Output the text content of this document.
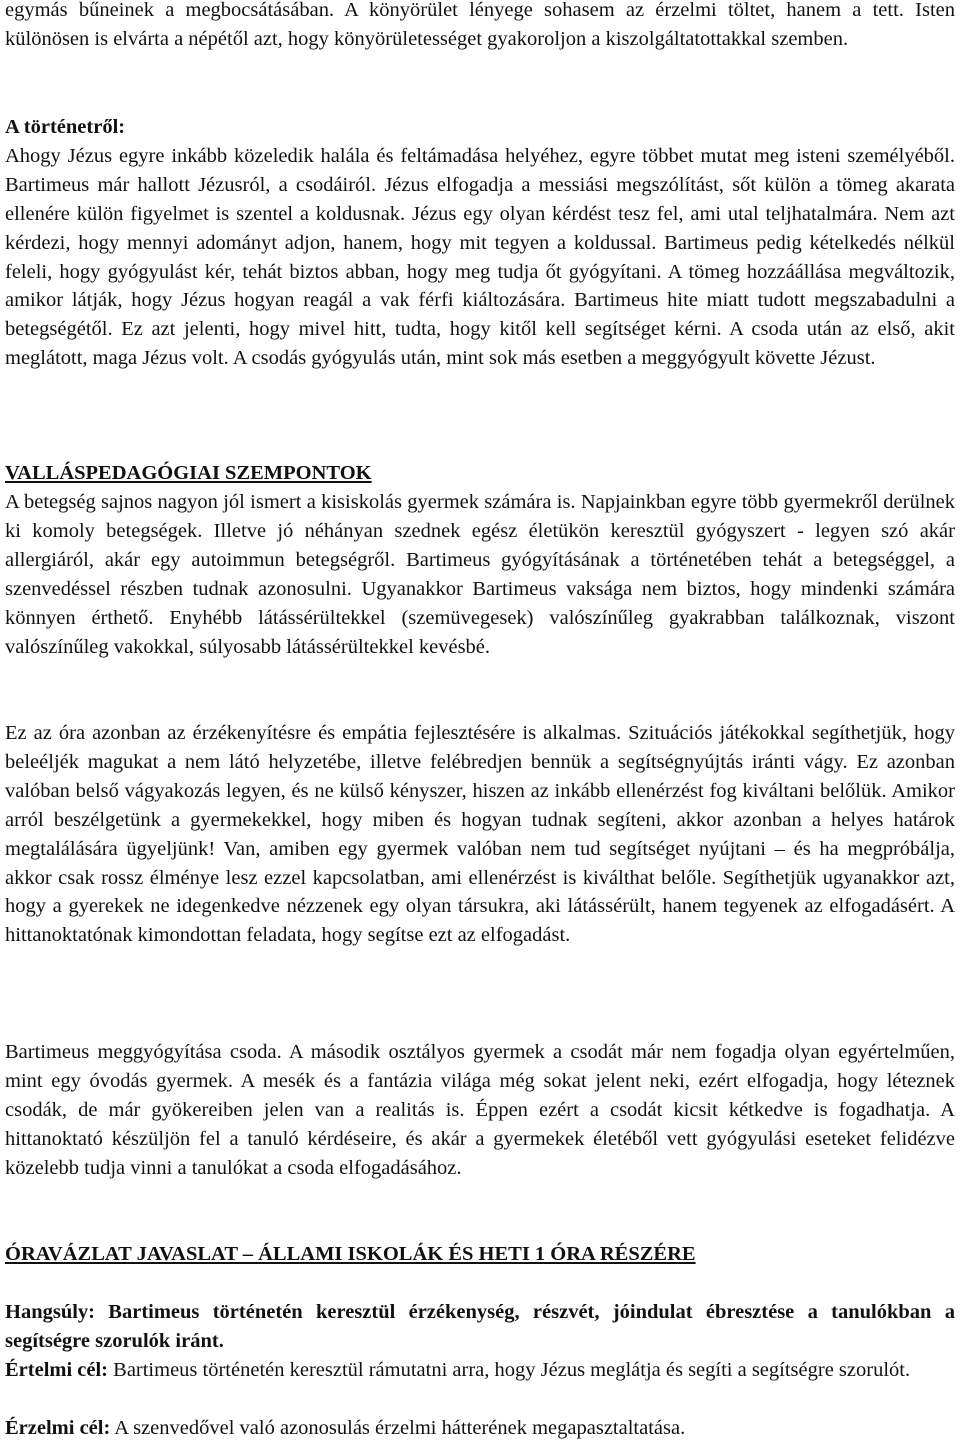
egymás bűneinek a megbocsátásában. A könyörület lényege sohasem az érzelmi töltet, hanem a tett. Isten különösen is elvárta a népétől azt, hogy könyörületességet gyakoroljon a kiszolgáltatottakkal szemben.

A történetről:
Ahogy Jézus egyre inkább közeledik halála és feltámadása helyéhez, egyre többet mutat meg isteni személyéből. Bartimeus már hallott Jézusról, a csodáiról. Jézus elfogadja a messiási megszólítást, sőt külön a tömeg akarata ellenére külön figyelmet is szentel a koldusnak. Jézus egy olyan kérdést tesz fel, ami utal teljhatalmára. Nem azt kérdezi, hogy mennyi adományt adjon, hanem, hogy mit tegyen a koldussal. Bartimeus pedig kételkedés nélkül feleli, hogy gyógyulást kér, tehát biztos abban, hogy meg tudja őt gyógyítani. A tömeg hozzáállása megváltozik, amikor látják, hogy Jézus hogyan reagál a vak férfi kiáltozására. Bartimeus hite miatt tudott megszabadulni a betegségétől. Ez azt jelenti, hogy mivel hitt, tudta, hogy kitől kell segítséget kérni. A csoda után az első, akit meglátott, maga Jézus volt. A csodás gyógyulás után, mint sok más esetben a meggyógyult követte Jézust.
VALLÁSPEDAGÓGIAI SZEMPONTOK

A betegség sajnos nagyon jól ismert a kisiskolás gyermek számára is. Napjainkban egyre több gyermekről derülnek ki komoly betegségek. Illetve jó néhányan szednek egész életükön keresztül gyógyszert - legyen szó akár allergiáról, akár egy autoimmun betegségről. Bartimeus gyógyításának a történetében tehát a betegséggel, a szenvedéssel részben tudnak azonosulni. Ugyanakkor Bartimeus vaksága nem biztos, hogy mindenki számára könnyen érthető. Enyhébb látássérültekkel (szemüvegesek) valószínűleg gyakrabban találkoznak, viszont valószínűleg vakokkal, súlyosabb látássérültekkel kevésbé.

Ez az óra azonban az érzékenyítésre és empátia fejlesztésére is alkalmas. Szituációs játékokkal segíthetjük, hogy beleéljék magukat a nem látó helyzetébe, illetve felébredjen bennük a segítségnyújtás iránti vágy. Ez azonban valóban belső vágyakozás legyen, és ne külső kényszer, hiszen az inkább ellenérzést fog kiváltani belőlük. Amikor arról beszélgetünk a gyermekekkel, hogy miben és hogyan tudnak segíteni, akkor azonban a helyes határok megtalálására ügyeljünk! Van, amiben egy gyermek valóban nem tud segítséget nyújtani – és ha megpróbálja, akkor csak rossz élménye lesz ezzel kapcsolatban, ami ellenérzést is kiválthat belőle. Segíthetjük ugyanakkor azt, hogy a gyerekek ne idegenkedve nézzenek egy olyan társukra, aki látássérült, hanem tegyenek az elfogadásért. A hittanoktatónak kimondottan feladata, hogy segítse ezt az elfogadást.

Bartimeus meggyógyítása csoda. A második osztályos gyermek a csodát már nem fogadja olyan egyértelműen, mint egy óvodás gyermek. A mesék és a fantázia világa még sokat jelent neki, ezért elfogadja, hogy léteznek csodák, de már gyökereiben jelen van a realitás is. Éppen ezért a csodát kicsit kétkedve is fogadhatja. A hittanoktató készüljön fel a tanuló kérdéseire, és akár a gyermekek életéből vett gyógyulási eseteket felidézve közelebb tudja vinni a tanulókat a csoda elfogadásához.

ÓRAVÁZLAT JAVASLAT – ÁLLAMI ISKOLÁK ÉS HETI 1 ÓRA RÉSZÉRE

Hangsúly: Bartimeus történetén keresztül érzékenység, részvét, jóindulat ébresztése a tanulókban a segítségre szorulók iránt.

Értelmi cél: Bartimeus történetén keresztül rámutatni arra, hogy Jézus meglátja és segíti a segítségre szorulót.

Érzelmi cél: A szenvedővel való azonosulás érzelmi hátterének megapasztaltatása.
